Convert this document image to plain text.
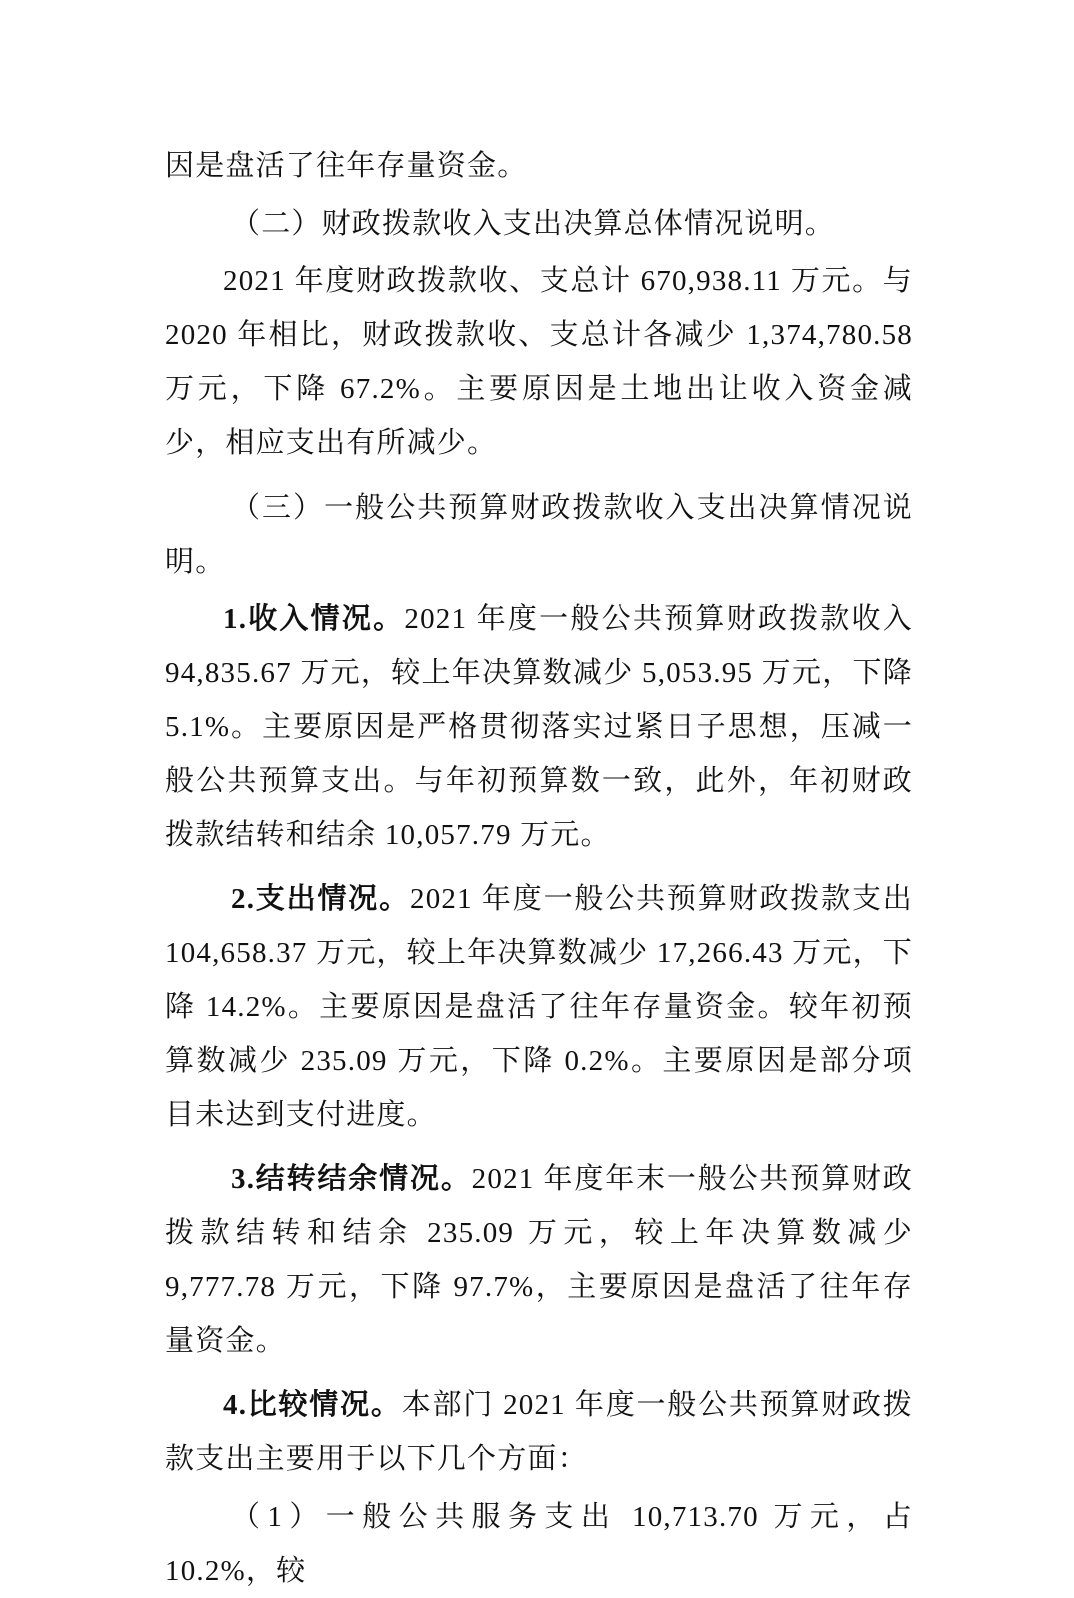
因是盘活了往年存量资金。

（二）财政拨款收入支出决算总体情况说明。

2021 年度财政拨款收、支总计 670,938.11 万元。与 2020 年相比，财政拨款收、支总计各减少 1,374,780.58 万元，下降 67.2%。主要原因是土地出让收入资金减少，相应支出有所减少。

（三）一般公共预算财政拨款收入支出决算情况说明。

1.收入情况。2021 年度一般公共预算财政拨款收入 94,835.67 万元，较上年决算数减少 5,053.95 万元，下降 5.1%。主要原因是严格贯彻落实过紧日子思想，压减一般公共预算支出。与年初预算数一致，此外，年初财政拨款结转和结余 10,057.79 万元。

2.支出情况。2021 年度一般公共预算财政拨款支出 104,658.37 万元，较上年决算数减少 17,266.43 万元，下降 14.2%。主要原因是盘活了往年存量资金。较年初预算数减少 235.09 万元，下降 0.2%。主要原因是部分项目未达到支付进度。

3.结转结余情况。2021 年度年末一般公共预算财政拨款结转和结余 235.09 万元，较上年决算数减少 9,777.78 万元，下降 97.7%，主要原因是盘活了往年存量资金。

4.比较情况。本部门 2021 年度一般公共预算财政拨款支出主要用于以下几个方面：

（1）一般公共服务支出 10,713.70 万元，占 10.2%，较
